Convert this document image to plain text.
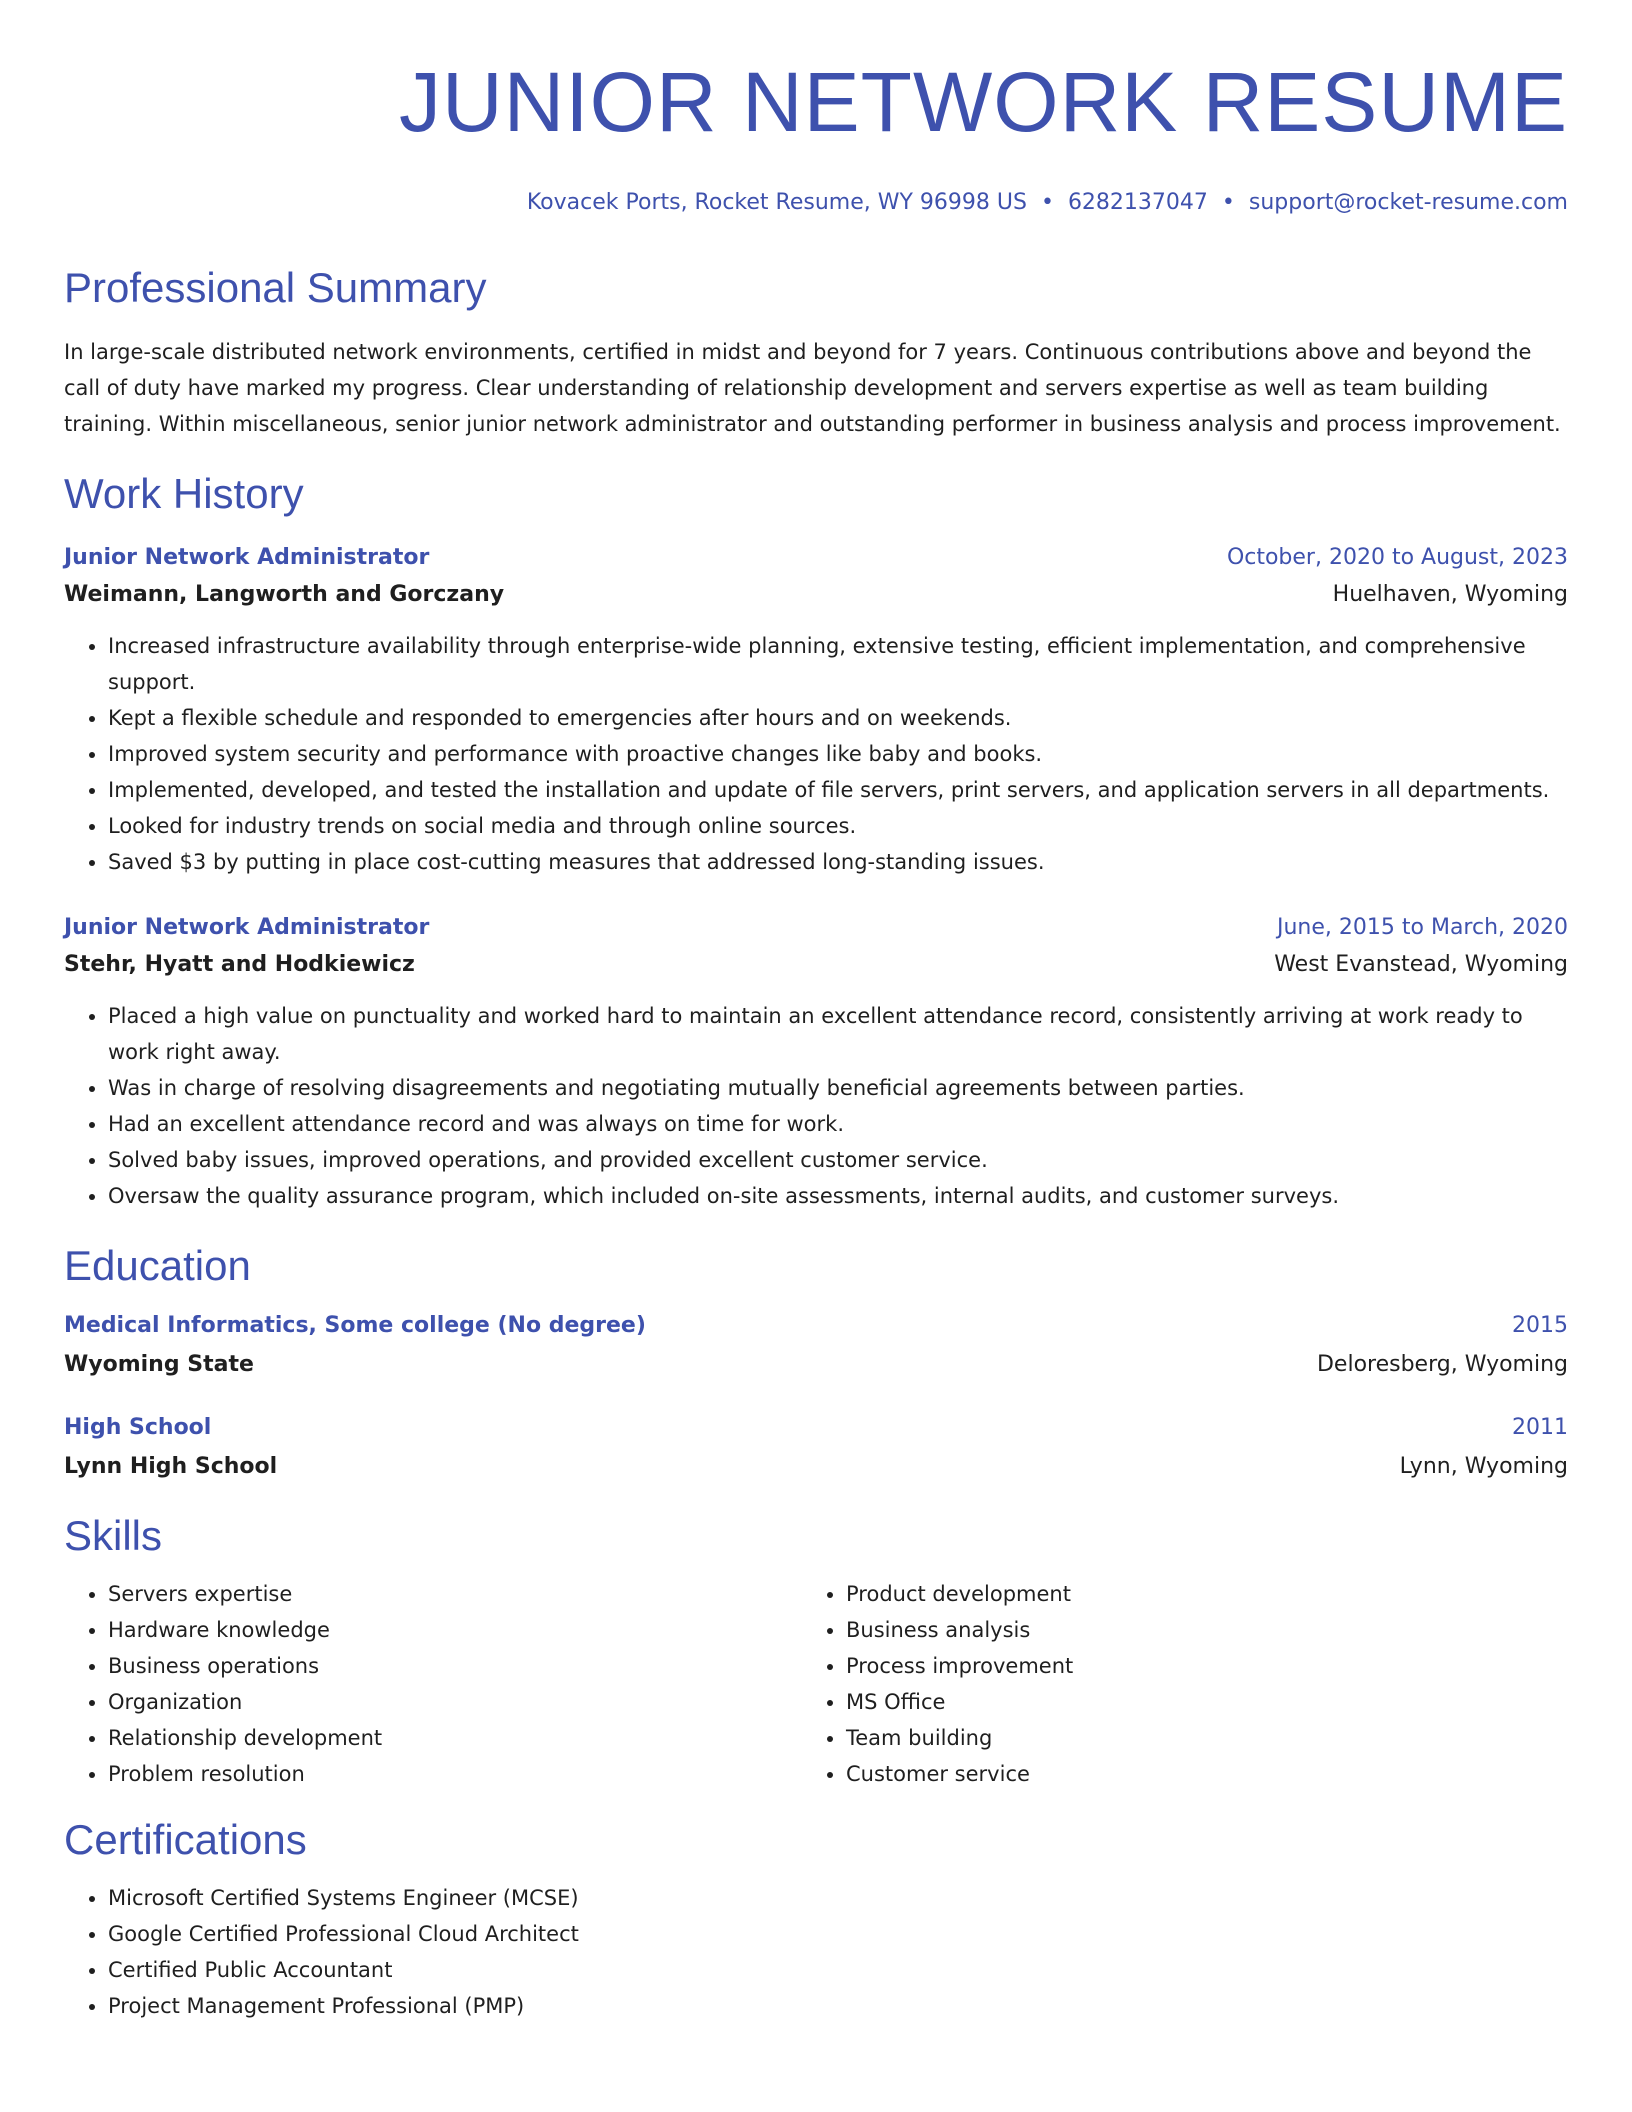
JUNIOR NETWORK RESUME
Kovacek Ports, Rocket Resume, WY 96998 US • 6282137047 • support@rocket-resume.com
Professional Summary

In large-scale distributed network environments, certified in midst and beyond for 7 years. Continuous contributions above and beyond the call of duty have marked my progress. Clear understanding of relationship development and servers expertise as well as team building training. Within miscellaneous, senior junior network administrator and outstanding performer in business analysis and process improvement.

Work History
Junior Network Administrator	October, 2020 to August, 2023
Weimann, Langworth and Gorczany	Huelhaven, Wyoming
• Increased infrastructure availability through enterprise-wide planning, extensive testing, efficient implementation, and comprehensive support.
• Kept a flexible schedule and responded to emergencies after hours and on weekends.
• Improved system security and performance with proactive changes like baby and books.
• Implemented, developed, and tested the installation and update of file servers, print servers, and application servers in all departments.
• Looked for industry trends on social media and through online sources.
• Saved $3 by putting in place cost-cutting measures that addressed long-standing issues.
Junior Network Administrator	June, 2015 to March, 2020
Stehr, Hyatt and Hodkiewicz	West Evanstead, Wyoming
• Placed a high value on punctuality and worked hard to maintain an excellent attendance record, consistently arriving at work ready to work right away.
• Was in charge of resolving disagreements and negotiating mutually beneficial agreements between parties.
• Had an excellent attendance record and was always on time for work.
• Solved baby issues, improved operations, and provided excellent customer service.
• Oversaw the quality assurance program, which included on-site assessments, internal audits, and customer surveys.
Education
Medical Informatics, Some college (No degree)	2015
Wyoming State	Deloresberg, Wyoming
High School	2011
Lynn High School	Lynn, Wyoming
Skills
• Servers expertise
• Hardware knowledge
• Business operations
• Organization
• Relationship development
• Problem resolution
• Product development
• Business analysis
• Process improvement
• MS Office
• Team building
• Customer service
Certifications
• Microsoft Certified Systems Engineer (MCSE)
• Google Certified Professional Cloud Architect
• Certified Public Accountant
• Project Management Professional (PMP)
